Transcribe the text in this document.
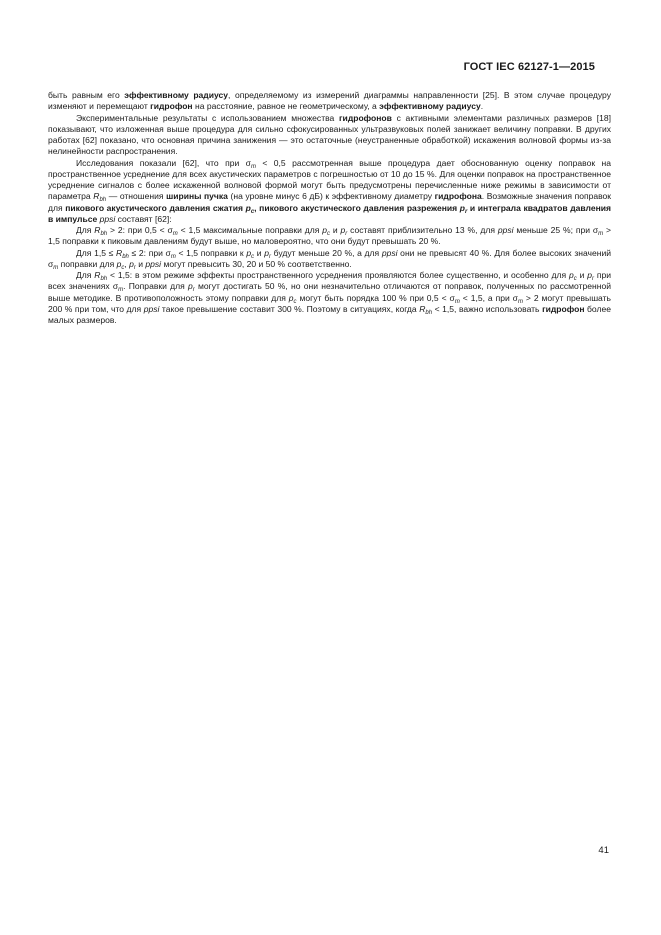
ГОСТ IEC 62127-1—2015

быть равным его эффективному радиусу, определяемому из измерений диаграммы направленности [25]. В этом случае процедуру изменяют и перемещают гидрофон на расстояние, равное не геометрическому, а эффективному радиусу.

Экспериментальные результаты с использованием множества гидрофонов с активными элементами различных размеров [18] показывают, что изложенная выше процедура для сильно сфокусированных ультразвуковых полей занижает величину поправки. В других работах [62] показано, что основная причина занижения — это остаточные (неустраненные обработкой) искажения волновой формы из-за нелинейности распространения.

Исследования показали [62], что при $\sigma_m < 0,5$ рассмотренная выше процедура дает обоснованную оценку поправок на пространственное усреднение для всех акустических параметров с погрешностью от 10 до 15 %. Для оценки поправок на пространственное усреднение сигналов с более искаженной волновой формой могут быть предусмотрены перечисленные ниже режимы в зависимости от параметра $R_{bh}$ — отношения ширины пучка (на уровне минус 6 дБ) к эффективному диаметру гидрофона. Возможные значения поправок для пикового акустического давления сжатия $p_c$, пикового акустического давления разрежения $p_r$ и интеграла квадратов давления в импульсе ppsi составят [62]:

Для $R_{bh} > 2$: при $0,5 < \sigma_m < 1,5$ максимальные поправки для $p_c$ и $p_r$ составят приблизительно 13 %, для ppsi меньше 25 %; при $\sigma_m > 1,5$ поправки к пиковым давлениям будут выше, но маловероятно, что они будут превышать 20 %.

Для $1,5 \le R_{bh} \le 2$: при $\sigma_m < 1,5$ поправки к $p_c$ и $p_r$ будут меньше 20 %, а для ppsi они не превысят 40 %. Для более высоких значений $\sigma_m$ поправки для $p_c$, $p_r$ и ppsi могут превысить 30, 20 и 50 % соответственно.

Для $R_{bh} < 1,5$: в этом режиме эффекты пространственного усреднения проявляются более существенно, и особенно для $p_c$ и $p_r$ при всех значениях $\sigma_m$. Поправки для $p_r$ могут достигать 50 %, но они незначительно отличаются от поправок, полученных по рассмотренной выше методике. В противоположность этому поправки для $p_c$ могут быть порядка 100 % при $0,5 < \sigma_m < 1,5$, а при $\sigma_m > 2$ могут превышать 200 % при том, что для ppsi такое превышение составит 300 %. Поэтому в ситуациях, когда $R_{bh} < 1,5$, важно использовать гидрофон более малых размеров.

41
